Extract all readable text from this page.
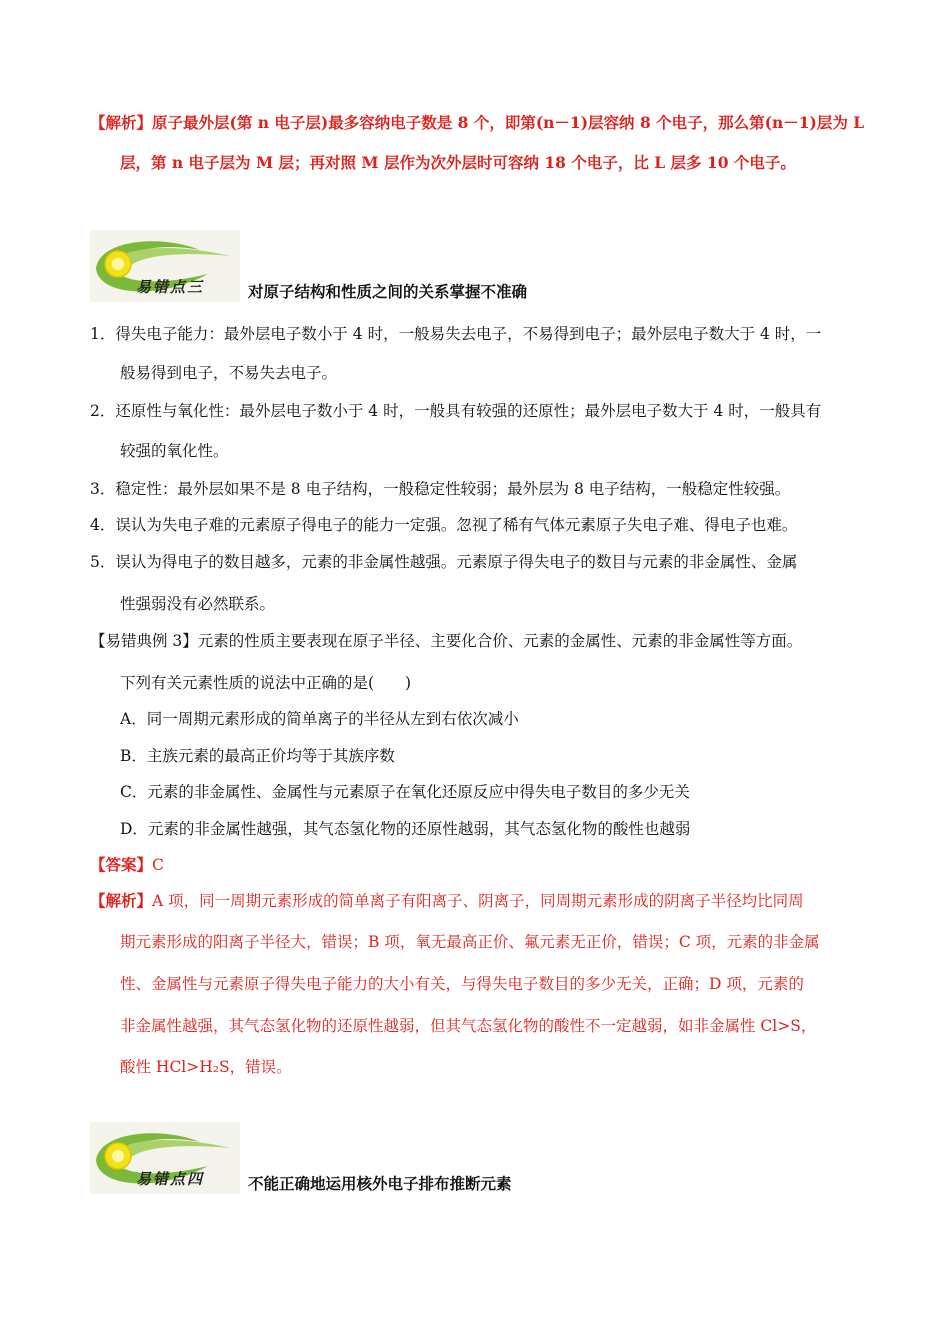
【解析】原子最外层(第 n 电子层)最多容纳电子数是 8 个，即第(n－1)层容纳 8 个电子，那么第(n－1)层为 L
层，第 n 电子层为 M 层；再对照 M 层作为次外层时可容纳 18 个电子，比 L 层多 10 个电子。
易错点三	对原子结构和性质之间的关系掌握不准确
1．得失电子能力：最外层电子数小于 4 时，一般易失去电子，不易得到电子；最外层电子数大于 4 时，一
般易得到电子，不易失去电子。
2．还原性与氧化性：最外层电子数小于 4 时，一般具有较强的还原性；最外层电子数大于 4 时，一般具有
较强的氧化性。
3．稳定性：最外层如果不是 8 电子结构，一般稳定性较弱；最外层为 8 电子结构，一般稳定性较强。
4．误认为失电子难的元素原子得电子的能力一定强。忽视了稀有气体元素原子失电子难、得电子也难。
5．误认为得电子的数目越多，元素的非金属性越强。元素原子得失电子的数目与元素的非金属性、金属
性强弱没有必然联系。
【易错典例 3】元素的性质主要表现在原子半径、主要化合价、元素的金属性、元素的非金属性等方面。
下列有关元素性质的说法中正确的是(　　)
A．同一周期元素形成的简单离子的半径从左到右依次减小
B．主族元素的最高正价均等于其族序数
C．元素的非金属性、金属性与元素原子在氧化还原反应中得失电子数目的多少无关
D．元素的非金属性越强，其气态氢化物的还原性越弱，其气态氢化物的酸性也越弱
【答案】C
【解析】A 项，同一周期元素形成的简单离子有阳离子、阴离子，同周期元素形成的阴离子半径均比同周
期元素形成的阳离子半径大，错误；B 项，氧无最高正价、氟元素无正价，错误；C 项，元素的非金属
性、金属性与元素原子得失电子能力的大小有关，与得失电子数目的多少无关，正确；D 项，元素的
非金属性越强，其气态氢化物的还原性越弱，但其气态氢化物的酸性不一定越弱，如非金属性 Cl>S，
酸性 HCl>H₂S，错误。
易错点四	不能正确地运用核外电子排布推断元素
